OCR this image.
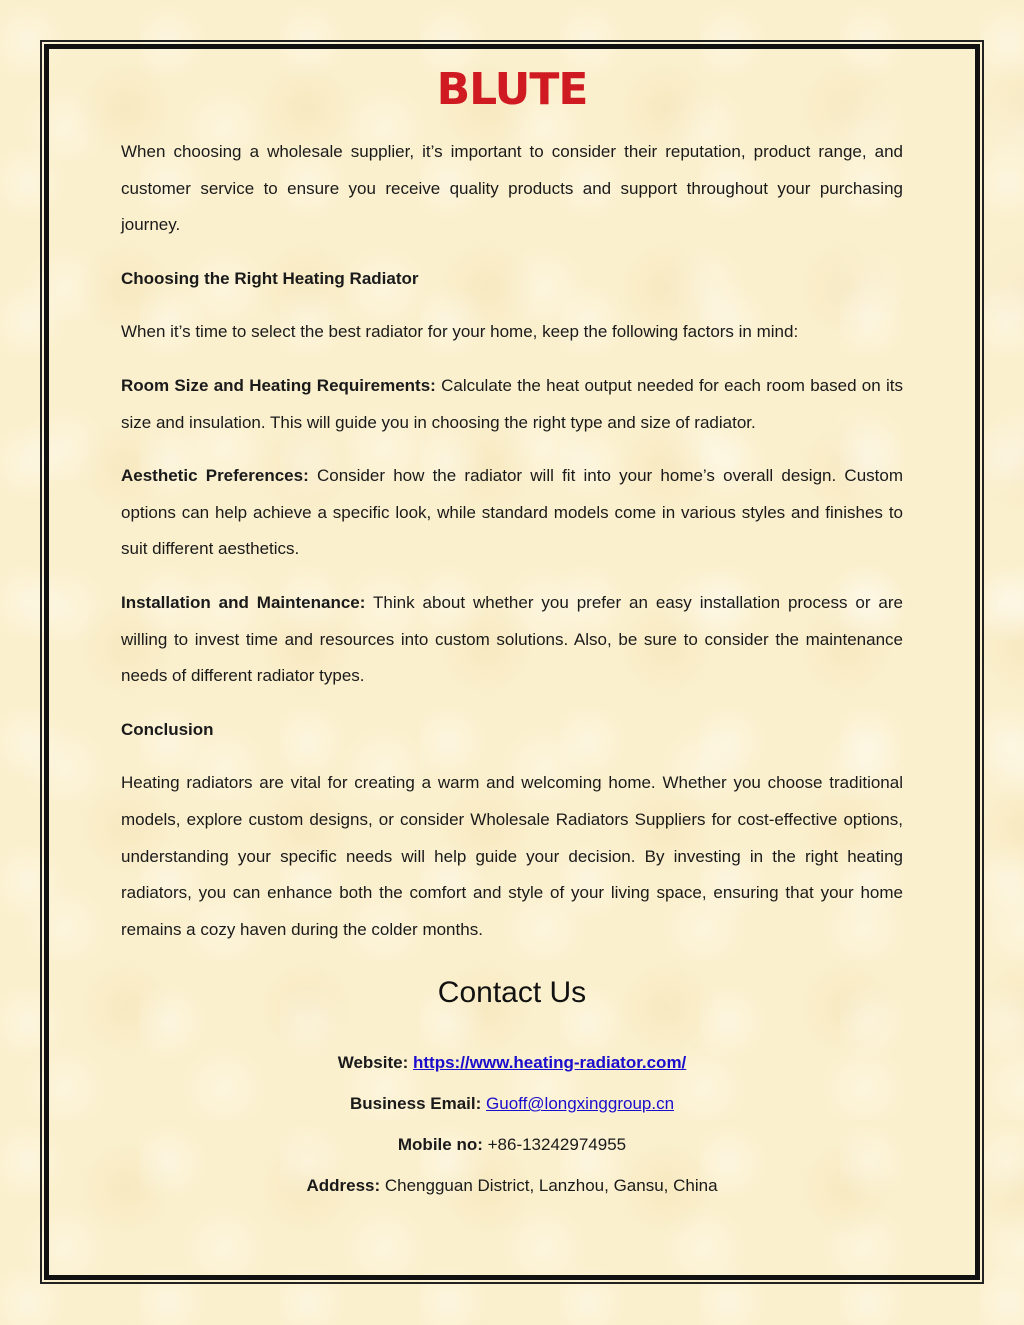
BLUTE

When choosing a wholesale supplier, it’s important to consider their reputation, product range, and customer service to ensure you receive quality products and support throughout your purchasing journey.

Choosing the Right Heating Radiator

When it’s time to select the best radiator for your home, keep the following factors in mind:

Room Size and Heating Requirements: Calculate the heat output needed for each room based on its size and insulation. This will guide you in choosing the right type and size of radiator.

Aesthetic Preferences: Consider how the radiator will fit into your home’s overall design. Custom options can help achieve a specific look, while standard models come in various styles and finishes to suit different aesthetics.

Installation and Maintenance: Think about whether you prefer an easy installation process or are willing to invest time and resources into custom solutions. Also, be sure to consider the maintenance needs of different radiator types.

Conclusion

Heating radiators are vital for creating a warm and welcoming home. Whether you choose traditional models, explore custom designs, or consider Wholesale Radiators Suppliers for cost-effective options, understanding your specific needs will help guide your decision. By investing in the right heating radiators, you can enhance both the comfort and style of your living space, ensuring that your home remains a cozy haven during the colder months.

Contact Us
Website: https://www.heating-radiator.com/
Business Email: Guoff@longxinggroup.cn
Mobile no: +86-13242974955
Address: Chengguan District, Lanzhou, Gansu, China
